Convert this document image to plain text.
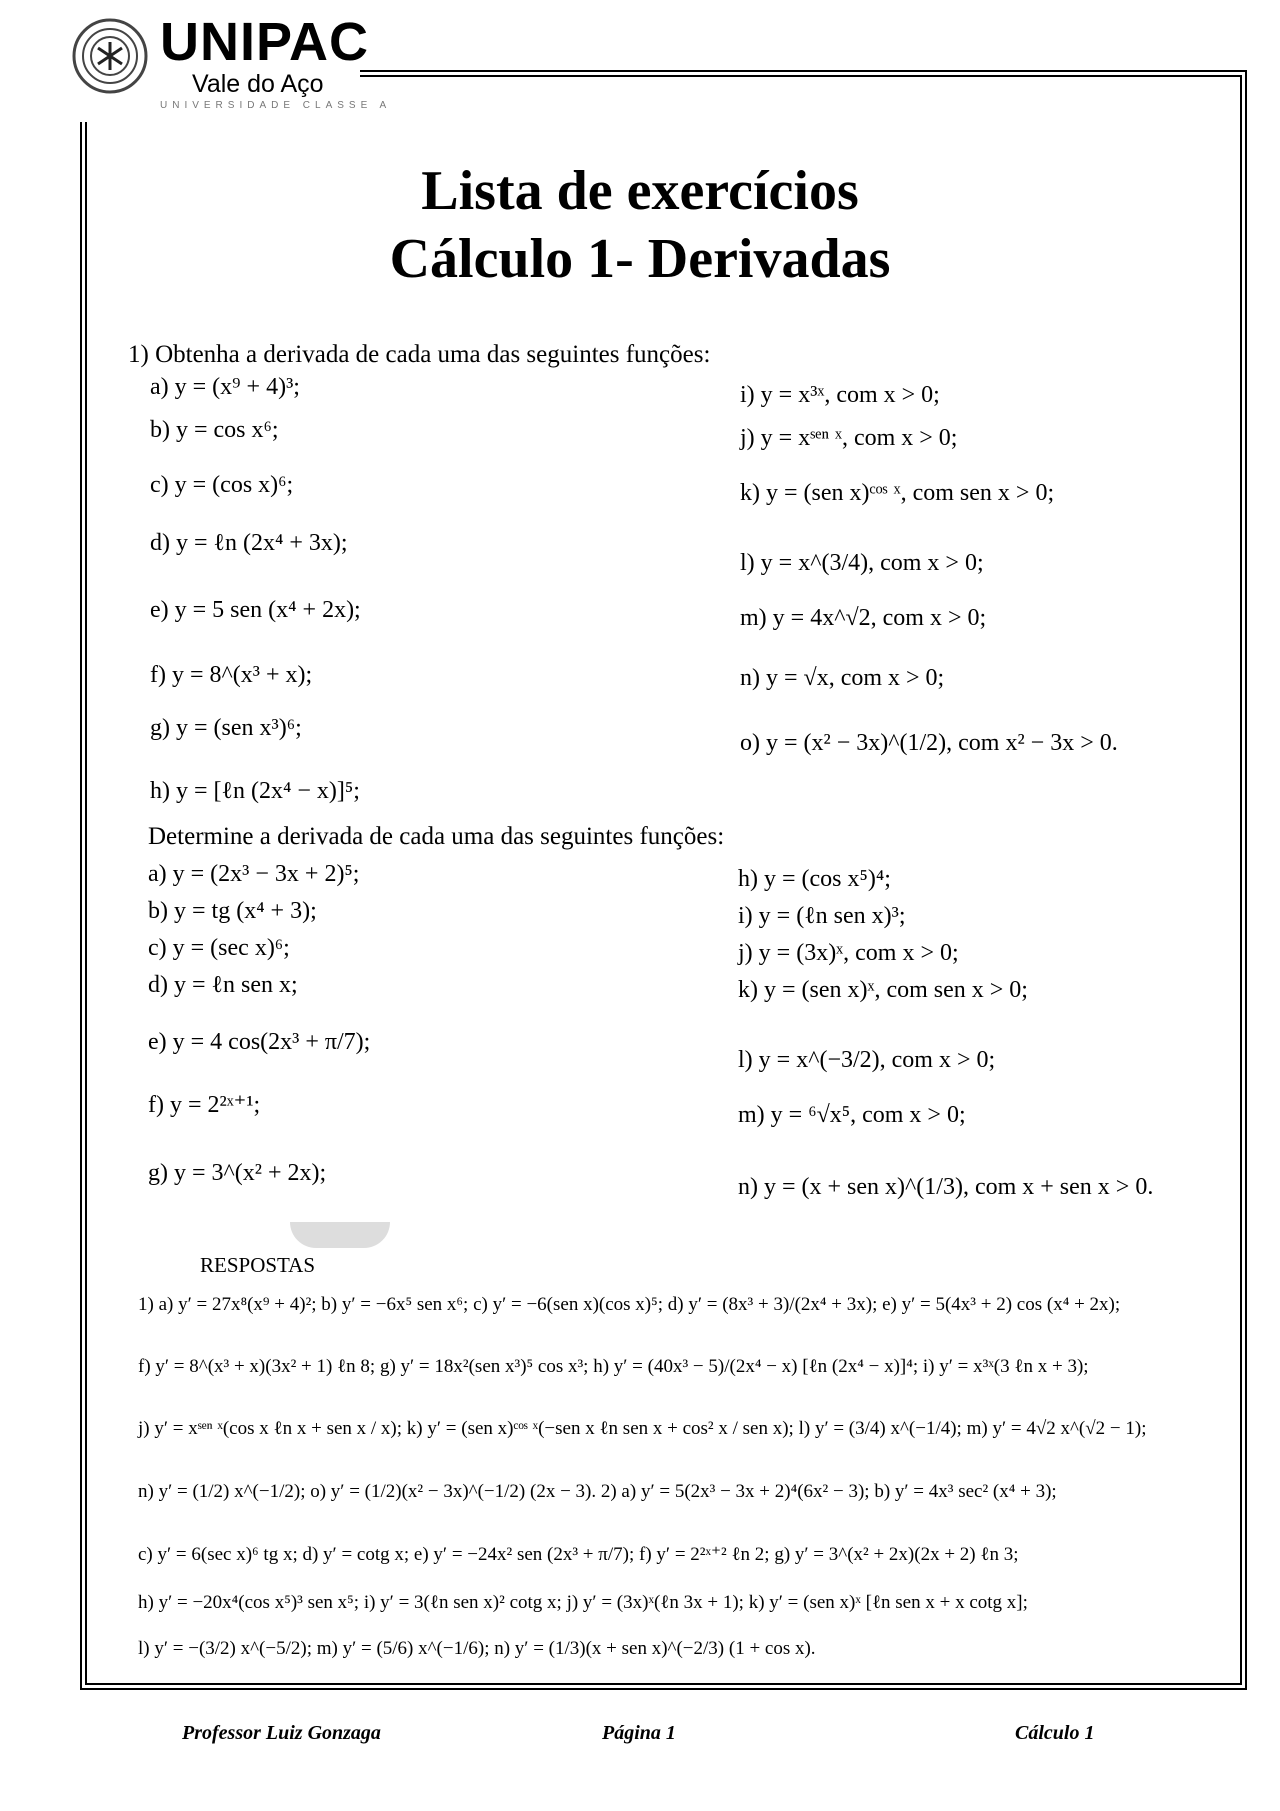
UNIPAC
Vale do Aço
UNIVERSIDADE CLASSE A
Lista de exercícios
Cálculo 1- Derivadas
1) Obtenha a derivada de cada uma das seguintes funções:
a) y = (x⁹ + 4)³;
b) y = cos x⁶;
c) y = (cos x)⁶;
d) y = ℓn (2x⁴ + 3x);
e) y = 5 sen (x⁴ + 2x);
f) y = 8^(x³ + x);
g) y = (sen x³)⁶;
h) y = [ℓn (2x⁴ − x)]⁵;
i) y = x³ˣ, com x > 0;
j) y = xˢᵉⁿ ˣ, com x > 0;
k) y = (sen x)ᶜᵒˢ ˣ, com sen x > 0;
l) y = x^(3/4), com x > 0;
m) y = 4x^√2, com x > 0;
n) y = √x, com x > 0;
o) y = (x² − 3x)^(1/2), com x² − 3x > 0.
Determine a derivada de cada uma das seguintes funções:
a) y = (2x³ − 3x + 2)⁵;
b) y = tg (x⁴ + 3);
c) y = (sec x)⁶;
d) y = ℓn sen x;
e) y = 4 cos(2x³ + π/7);
f) y = 2²ˣ⁺¹;
g) y = 3^(x² + 2x);
h) y = (cos x⁵)⁴;
i) y = (ℓn sen x)³;
j) y = (3x)ˣ, com x > 0;
k) y = (sen x)ˣ, com sen x > 0;
l) y = x^(−3/2), com x > 0;
m) y = ⁶√x⁵, com x > 0;
n) y = (x + sen x)^(1/3), com x + sen x > 0.
RESPOSTAS
1) a) y′ = 27x⁸(x⁹ + 4)²; b) y′ = −6x⁵ sen x⁶; c) y′ = −6(sen x)(cos x)⁵; d) y′ = (8x³ + 3)/(2x⁴ + 3x); e) y′ = 5(4x³ + 2) cos (x⁴ + 2x);
f) y′ = 8^(x³ + x)(3x² + 1) ℓn 8; g) y′ = 18x²(sen x³)⁵ cos x³; h) y′ = (40x³ − 5)/(2x⁴ − x) [ℓn (2x⁴ − x)]⁴; i) y′ = x³ˣ(3 ℓn x + 3);
j) y′ = xˢᵉⁿ ˣ(cos x ℓn x + sen x / x); k) y′ = (sen x)ᶜᵒˢ ˣ(−sen x ℓn sen x + cos² x / sen x); l) y′ = (3/4) x^(−1/4); m) y′ = 4√2 x^(√2 − 1);
n) y′ = (1/2) x^(−1/2); o) y′ = (1/2)(x² − 3x)^(−1/2) (2x − 3). 2) a) y′ = 5(2x³ − 3x + 2)⁴(6x² − 3); b) y′ = 4x³ sec² (x⁴ + 3);
c) y′ = 6(sec x)⁶ tg x; d) y′ = cotg x; e) y′ = −24x² sen (2x³ + π/7); f) y′ = 2²ˣ⁺² ℓn 2; g) y′ = 3^(x² + 2x)(2x + 2) ℓn 3;
h) y′ = −20x⁴(cos x⁵)³ sen x⁵; i) y′ = 3(ℓn sen x)² cotg x; j) y′ = (3x)ˣ(ℓn 3x + 1); k) y′ = (sen x)ˣ [ℓn sen x + x cotg x];
l) y′ = −(3/2) x^(−5/2); m) y′ = (5/6) x^(−1/6); n) y′ = (1/3)(x + sen x)^(−2/3) (1 + cos x).
Professor Luiz Gonzaga	Página 1	Cálculo 1
